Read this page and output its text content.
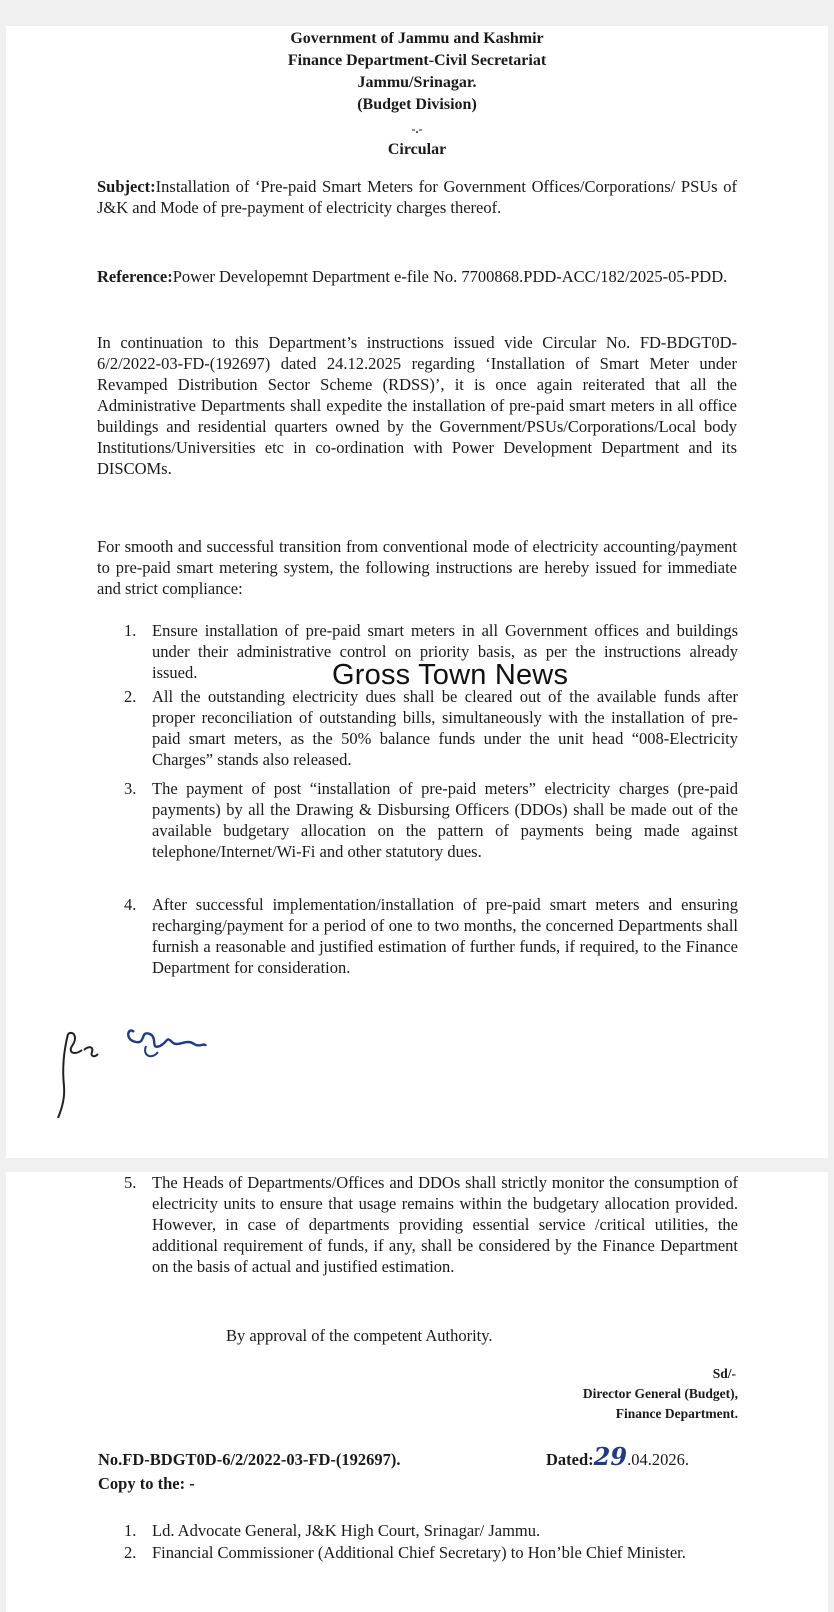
Government of Jammu and Kashmir
Finance Department-Civil Secretariat
Jammu/Srinagar.
(Budget Division)
-.-
Circular
Subject:Installation of ‘Pre-paid Smart Meters for Government Offices/Corporations/ PSUs of J&K and Mode of pre-payment of electricity charges thereof.
Reference:Power Developemnt Department e-file No. 7700868.PDD-ACC/182/2025-05-PDD.
In continuation to this Department’s instructions issued vide Circular No. FD-BDGT0D-6/2/2022-03-FD-(192697) dated 24.12.2025 regarding ‘Installation of Smart Meter under Revamped Distribution Sector Scheme (RDSS)’, it is once again reiterated that all the Administrative Departments shall expedite the installation of pre-paid smart meters in all office buildings and residential quarters owned by the Government/PSUs/Corporations/Local body Institutions/Universities etc in co-ordination with Power Development Department and its DISCOMs.
For smooth and successful transition from conventional mode of electricity accounting/payment to pre-paid smart metering system, the following instructions are hereby issued for immediate and strict compliance:
1. Ensure installation of pre-paid smart meters in all Government offices and buildings under their administrative control on priority basis, as per the instructions already issued.
2. All the outstanding electricity dues shall be cleared out of the available funds after proper reconciliation of outstanding bills, simultaneously with the installation of pre-paid smart meters, as the 50% balance funds under the unit head “008-Electricity Charges” stands also released.
3. The payment of post “installation of pre-paid meters” electricity charges (pre-paid payments) by all the Drawing & Disbursing Officers (DDOs) shall be made out of the available budgetary allocation on the pattern of payments being made against telephone/Internet/Wi-Fi and other statutory dues.
4. After successful implementation/installation of pre-paid smart meters and ensuring recharging/payment for a period of one to two months, the concerned Departments shall furnish a reasonable and justified estimation of further funds, if required, to the Finance Department for consideration.
Gross Town News
5. The Heads of Departments/Offices and DDOs shall strictly monitor the consumption of electricity units to ensure that usage remains within the budgetary allocation provided. However, in case of departments providing essential service /critical utilities, the additional requirement of funds, if any, shall be considered by the Finance Department on the basis of actual and justified estimation.
By approval of the competent Authority.
Sd/-
Director General (Budget),
Finance Department.
No.FD-BDGT0D-6/2/2022-03-FD-(192697).	Dated:29.04.2026.
Copy to the: -
1. Ld. Advocate General, J&K High Court, Srinagar/ Jammu.
2. Financial Commissioner (Additional Chief Secretary) to Hon’ble Chief Minister.
